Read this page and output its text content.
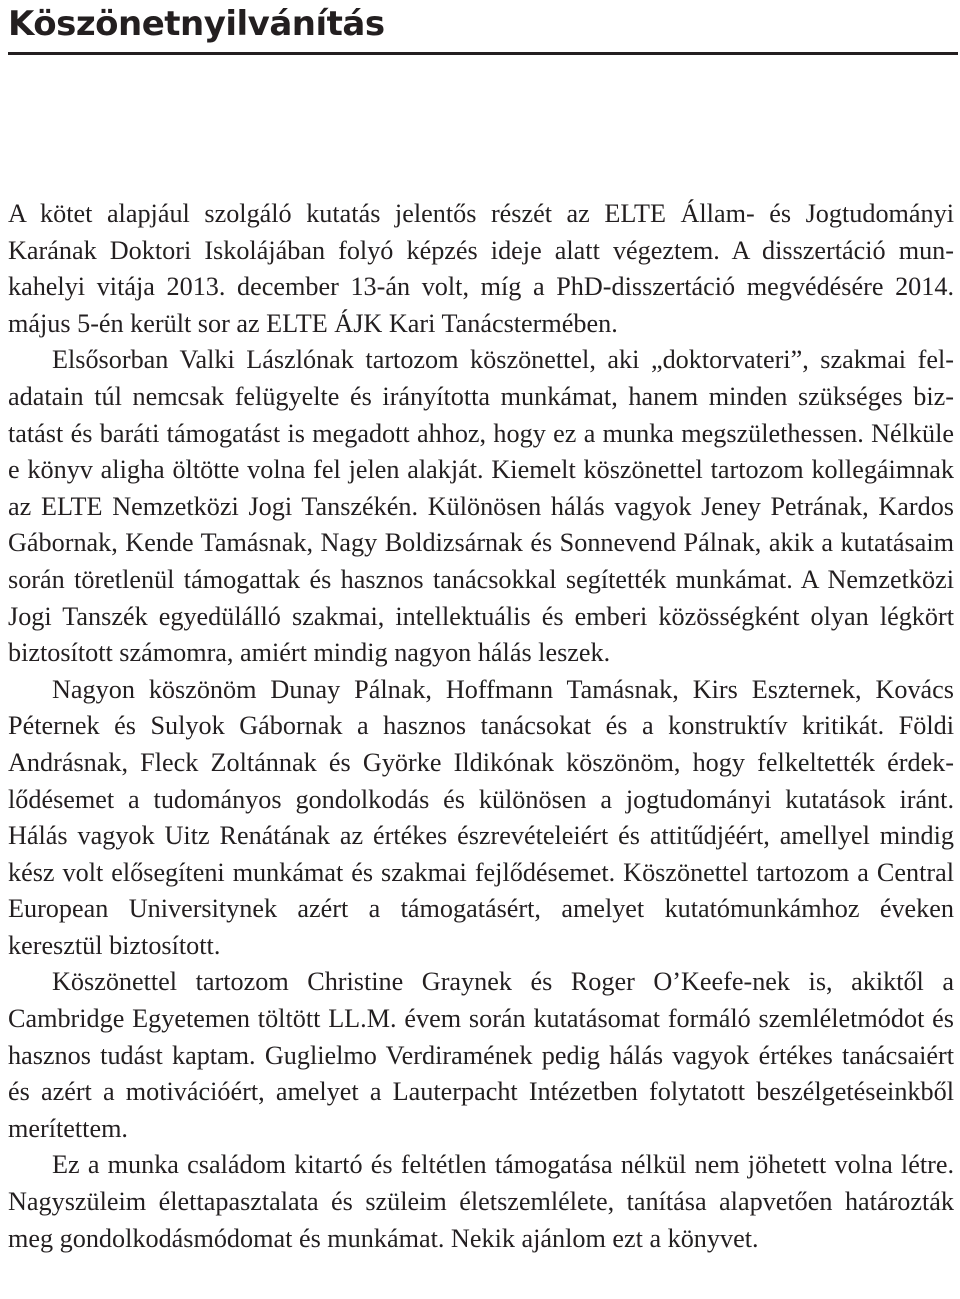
Köszönetnyilvánítás

A kötet alapjául szolgáló kutatás jelentős részét az ELTE Állam- és Jogtudományi Karának Doktori Iskolájában folyó képzés ideje alatt végeztem. A disszertáció munkahelyi vitája 2013. december 13-án volt, míg a PhD-disszertáció megvédésére 2014. május 5-én került sor az ELTE ÁJK Kari Tanácstermében.

Elsősorban Valki Lászlónak tartozom köszönettel, aki „doktorvateri”, szakmai feladatain túl nemcsak felügyelte és irányította munkámat, hanem minden szükséges biztatást és baráti támogatást is megadott ahhoz, hogy ez a munka megszülethessen. Nélküle e könyv aligha öltötte volna fel jelen alakját. Kiemelt köszönettel tartozom kollegáimnak az ELTE Nemzetközi Jogi Tanszékén. Különösen hálás vagyok Jeney Petrának, Kardos Gábornak, Kende Tamásnak, Nagy Boldizsárnak és Sonnevend Pálnak, akik a kutatásaim során töretlenül támogattak és hasznos tanácsokkal segítették munkámat. A Nemzetközi Jogi Tanszék egyedülálló szakmai, intellektuális és emberi közösségként olyan légkört biztosított számomra, amiért mindig nagyon hálás leszek.

Nagyon köszönöm Dunay Pálnak, Hoffmann Tamásnak, Kirs Eszternek, Kovács Péternek és Sulyok Gábornak a hasznos tanácsokat és a konstruktív kritikát. Földi Andrásnak, Fleck Zoltánnak és Györke Ildikónak köszönöm, hogy felkeltették érdeklődésemet a tudományos gondolkodás és különösen a jogtudományi kutatások iránt. Hálás vagyok Uitz Renátának az értékes észrevételeiért és attitűdjéért, amellyel mindig kész volt elősegíteni munkámat és szakmai fejlődésemet. Köszönettel tartozom a Central European Universitynek azért a támogatásért, amelyet kutatómunkámhoz éveken keresztül biztosított.

Köszönettel tartozom Christine Graynek és Roger O’Keefe-nek is, akiktől a Cambridge Egyetemen töltött LL.M. évem során kutatásomat formáló szemléletmódot és hasznos tudást kaptam. Guglielmo Verdiramének pedig hálás vagyok értékes tanácsaiért és azért a motivációért, amelyet a Lauterpacht Intézetben folytatott beszélgetéseinkből merítettem.

Ez a munka családom kitartó és feltétlen támogatása nélkül nem jöhetett volna létre. Nagyszüleim élettapasztalata és szüleim életszemlélete, tanítása alapvetően határozták meg gondolkodásmódomat és munkámat. Nekik ajánlom ezt a könyvet.
